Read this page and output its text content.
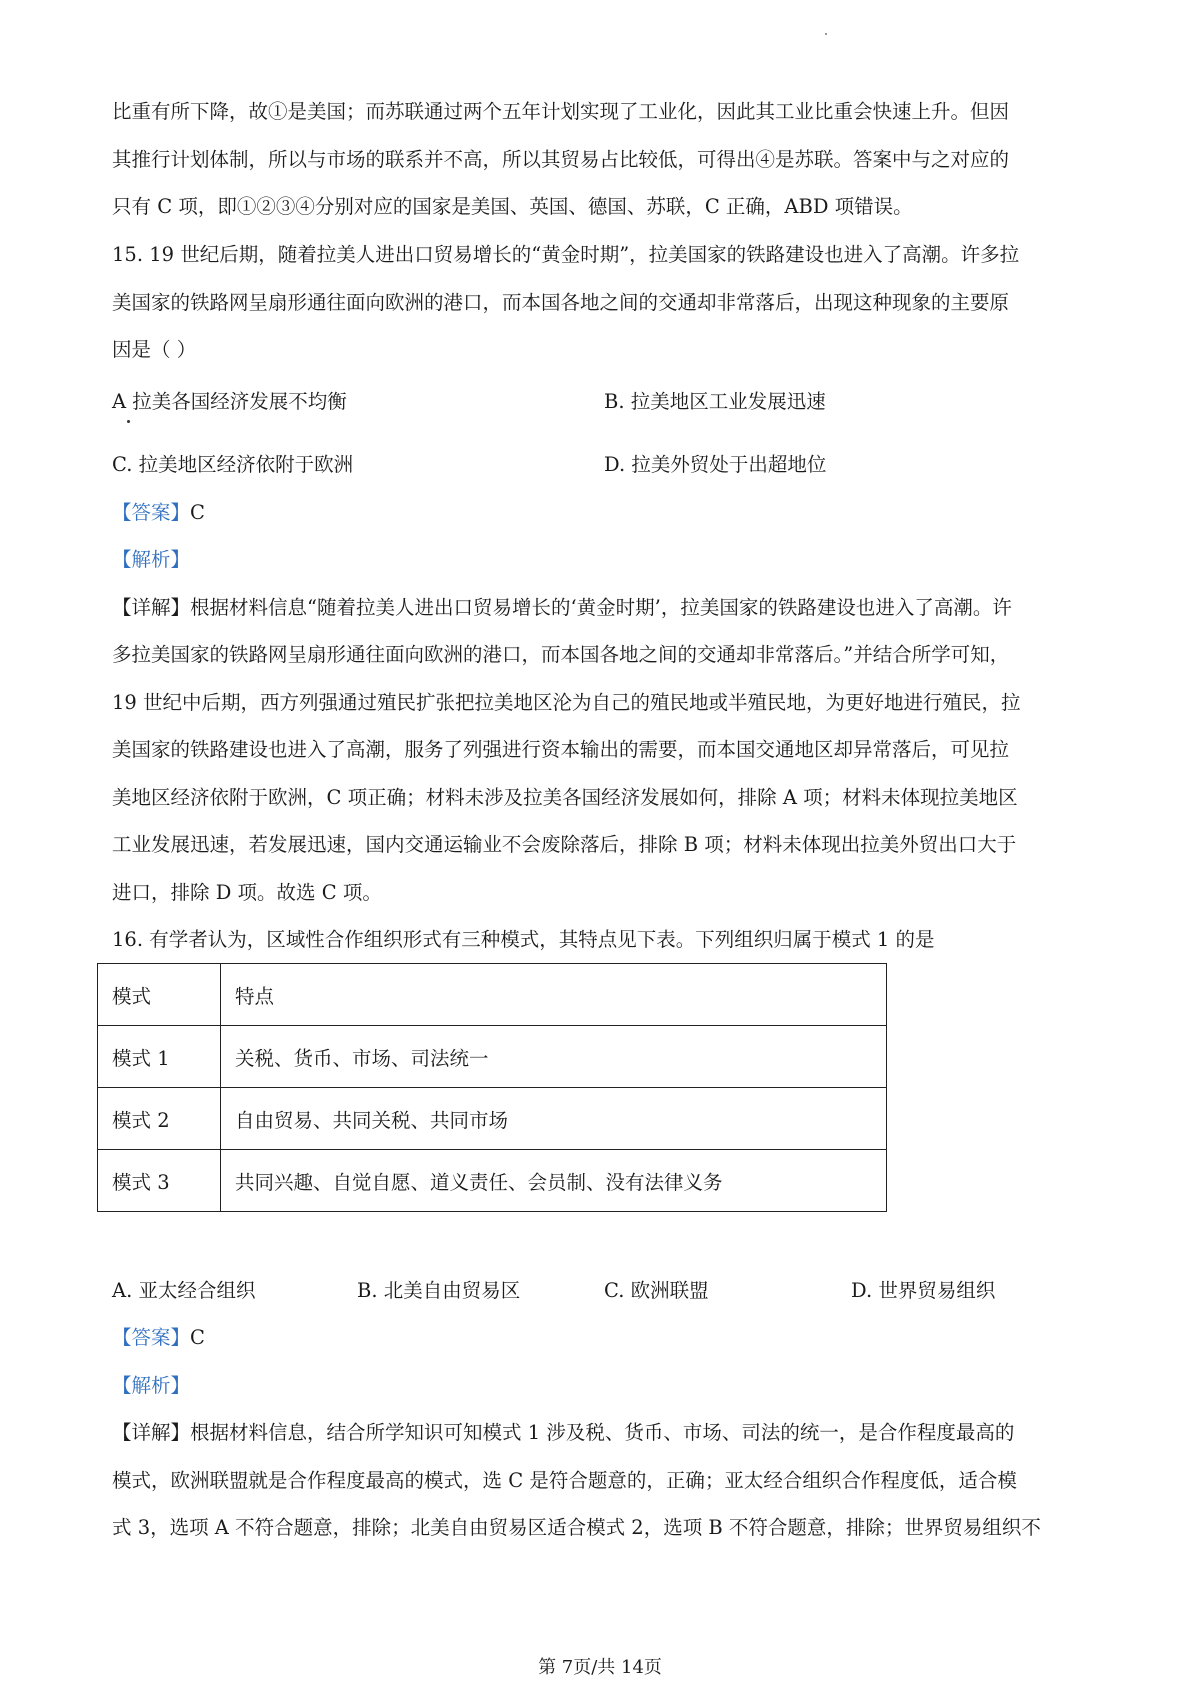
比重有所下降，故①是美国；而苏联通过两个五年计划实现了工业化，因此其工业比重会快速上升。但因
其推行计划体制，所以与市场的联系并不高，所以其贸易占比较低，可得出④是苏联。答案中与之对应的
只有 C 项，即①②③④分别对应的国家是美国、英国、德国、苏联，C 正确，ABD 项错误。
15. 19 世纪后期，随着拉美人进出口贸易增长的“黄金时期”，拉美国家的铁路建设也进入了高潮。许多拉
美国家的铁路网呈扇形通往面向欧洲的港口，而本国各地之间的交通却非常落后，出现这种现象的主要原
因是（ ）
A 拉美各国经济发展不均衡	B. 拉美地区工业发展迅速
C. 拉美地区经济依附于欧洲	D. 拉美外贸处于出超地位
【答案】C
【解析】
【详解】根据材料信息“随着拉美人进出口贸易增长的‘黄金时期’，拉美国家的铁路建设也进入了高潮。许
多拉美国家的铁路网呈扇形通往面向欧洲的港口，而本国各地之间的交通却非常落后。”并结合所学可知，
19 世纪中后期，西方列强通过殖民扩张把拉美地区沦为自己的殖民地或半殖民地，为更好地进行殖民，拉
美国家的铁路建设也进入了高潮，服务了列强进行资本输出的需要，而本国交通地区却异常落后，可见拉
美地区经济依附于欧洲，C 项正确；材料未涉及拉美各国经济发展如何，排除 A 项；材料未体现拉美地区
工业发展迅速，若发展迅速，国内交通运输业不会废除落后，排除 B 项；材料未体现出拉美外贸出口大于
进口，排除 D 项。故选 C 项。
16. 有学者认为，区域性合作组织形式有三种模式，其特点见下表。下列组织归属于模式 1 的是
模式	特点
模式 1	关税、货币、市场、司法统一
模式 2	自由贸易、共同关税、共同市场
模式 3	共同兴趣、自觉自愿、道义责任、会员制、没有法律义务
A. 亚太经合组织	B. 北美自由贸易区	C. 欧洲联盟	D. 世界贸易组织
【答案】C
【解析】
【详解】根据材料信息，结合所学知识可知模式 1 涉及税、货币、市场、司法的统一，是合作程度最高的
模式，欧洲联盟就是合作程度最高的模式，选 C 是符合题意的，正确；亚太经合组织合作程度低，适合模
式 3，选项 A 不符合题意，排除；北美自由贸易区适合模式 2，选项 B 不符合题意，排除；世界贸易组织不
第 7页/共 14页
